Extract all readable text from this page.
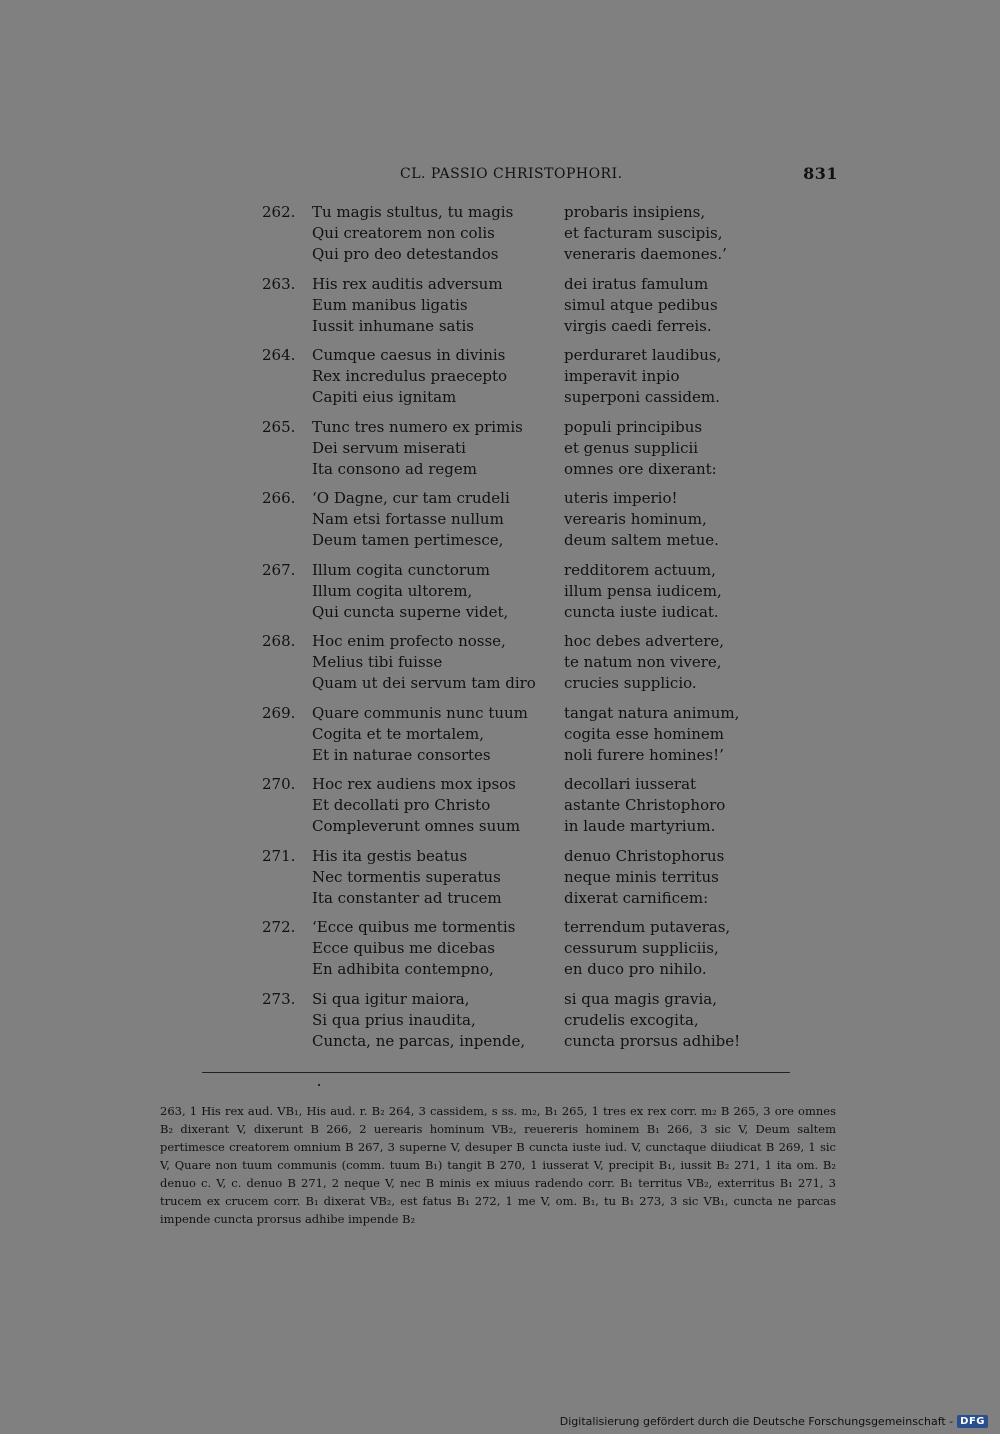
CL. PASSIO CHRISTOPHORI.	831
262.	Tu magis stultus, tu magis	probaris insipiens,
Qui creatorem non colis	et facturam suscipis,
Qui pro deo detestandos	veneraris daemones.’
263.	His rex auditis adversum	dei iratus famulum
Eum manibus ligatis	simul atque pedibus
Iussit inhumane satis	virgis caedi ferreis.
264.	Cumque caesus in divinis	perduraret laudibus,
Rex incredulus praecepto	imperavit inpio
Capiti eius ignitam	superponi cassidem.
265.	Tunc tres numero ex primis	populi principibus
Dei servum miserati	et genus supplicii
Ita consono ad regem	omnes ore dixerant:
266.	‘O Dagne, cur tam crudeli	uteris imperio!
Nam etsi fortasse nullum	verearis hominum,
Deum tamen pertimesce,	deum saltem metue.
267.	Illum cogita cunctorum	redditorem actuum,
Illum cogita ultorem,	illum pensa iudicem,
Qui cuncta superne videt,	cuncta iuste iudicat.
268.	Hoc enim profecto nosse,	hoc debes advertere,
Melius tibi fuisse	te natum non vivere,
Quam ut dei servum tam diro	crucies supplicio.
269.	Quare communis nunc tuum	tangat natura animum,
Cogita et te mortalem,	cogita esse hominem
Et in naturae consortes	noli furere homines!’
270.	Hoc rex audiens mox ipsos	decollari iusserat
Et decollati pro Christo	astante Christophoro
Compleverunt omnes suum	in laude martyrium.
271.	His ita gestis beatus	denuo Christophorus
Nec tormentis superatus	neque minis territus
Ita constanter ad trucem	dixerat carnificem:
272.	‘Ecce quibus me tormentis	terrendum putaveras,
Ecce quibus me dicebas	cessurum suppliciis,
En adhibita contempno,	en duco pro nihilo.
273.	Si qua igitur maiora,	si qua magis gravia,
Si qua prius inaudita,	crudelis excogita,
Cuncta, ne parcas, inpende,	cuncta prorsus adhibe!

263, 1 His rex aud. VB₁, His aud. r. B₂ 264, 3 cassidem, s ss. m₂, B₁ 265, 1 tres ex rex corr. m₂ B 265, 3 ore omnes B₂ dixerant V, dixerunt B 266, 2 uerearis hominum VB₂, reuereris hominem B₁ 266, 3 sic V, Deum saltem pertimesce creatorem omnium B 267, 3 superne V, desuper B cuncta iuste iud. V, cunctaque diiudicat B 269, 1 sic V, Quare non tuum communis (comm. tuum B₁) tangit B 270, 1 iusserat V, precipit B₁, iussit B₂ 271, 1 ita om. B₂ denuo c. V, c. denuo B 271, 2 neque V, nec B minis ex miuus radendo corr. B₁ territus VB₂, exterritus B₁ 271, 3 trucem ex crucem corr. B₁ dixerat VB₂, est fatus B₁ 272, 1 me V, om. B₁, tu B₁ 273, 3 sic VB₁, cuncta ne parcas impende cuncta prorsus adhibe impende B₂

Digitalisierung gefördert durch die Deutsche Forschungsgemeinschaft - DFG
